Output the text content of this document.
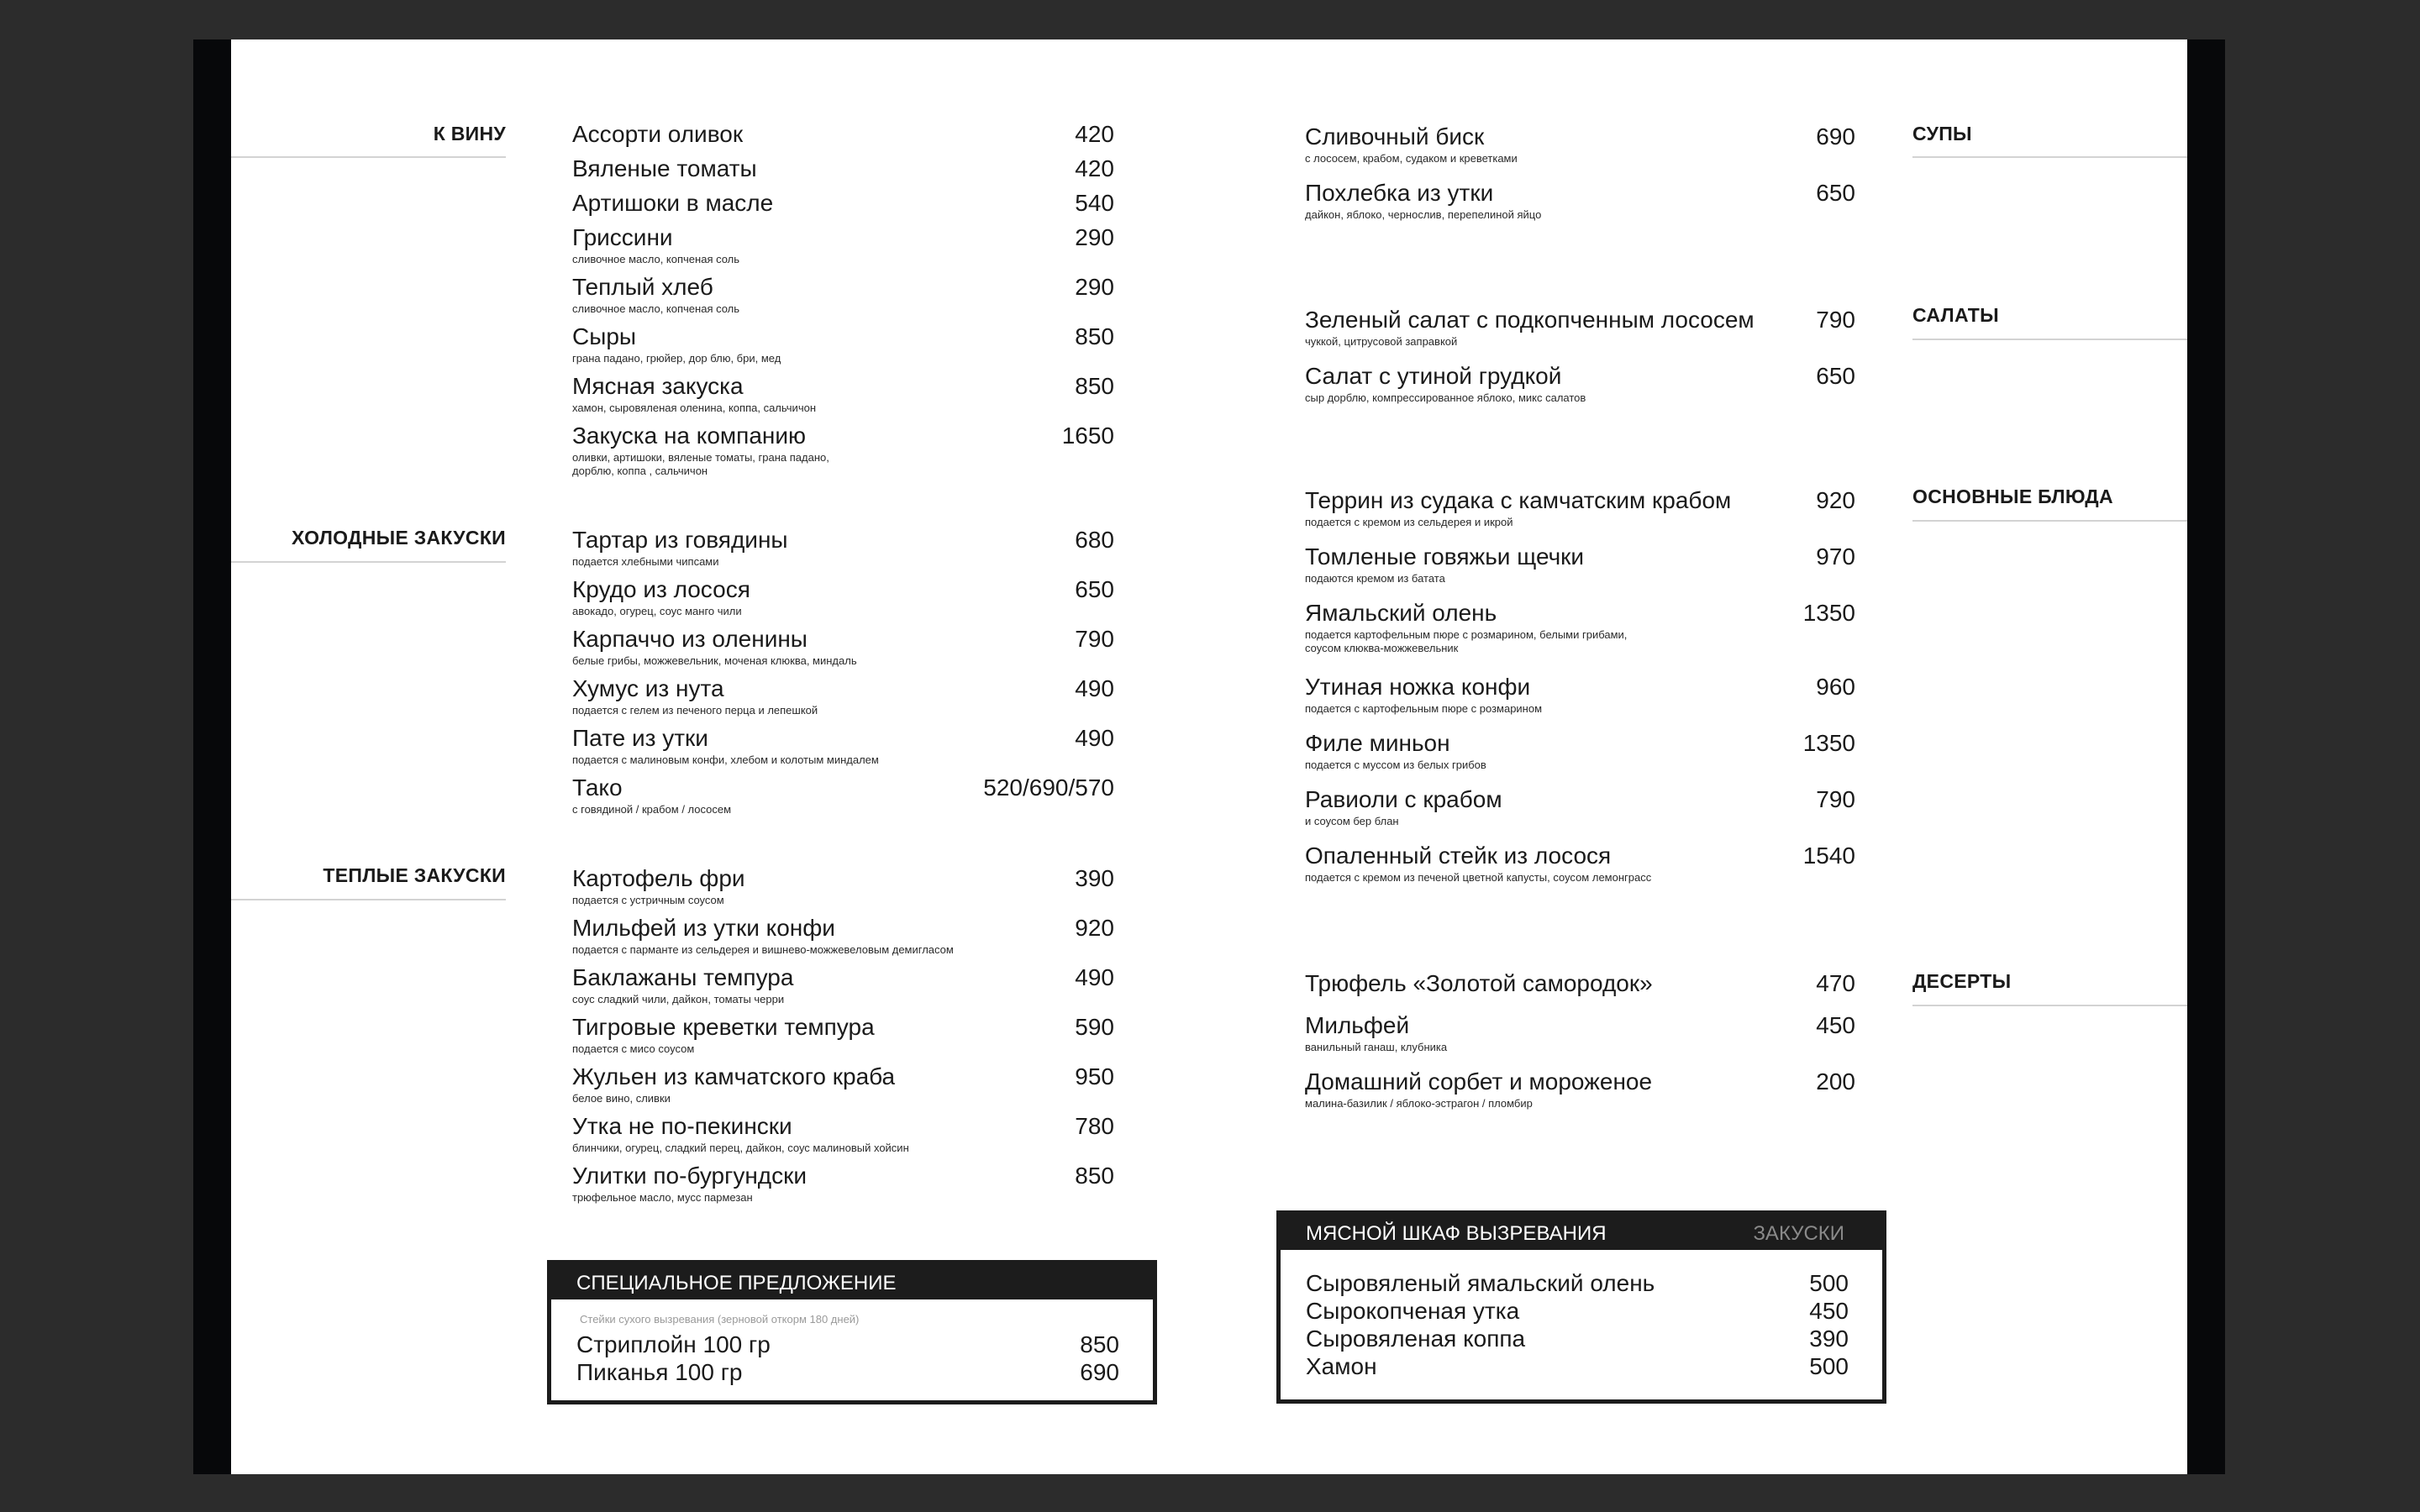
К ВИНУ	Ассорти оливок	420
Вяленые томаты	420
Артишоки в масле	540
Гриссини	290
сливочное масло, копченая соль
Теплый хлеб	290
сливочное масло, копченая соль
Сыры	850
грана падано, грюйер, дор блю, бри, мед
Мясная закуска	850
хамон, сыровяленая оленина, коппа, сальчичон
Закуска на компанию	1650
оливки, артишоки, вяленые томаты, грана падано,
дорблю, коппа , сальчичон
ХОЛОДНЫЕ ЗАКУСКИ	Тартар из говядины	680
подается хлебными чипсами
Крудо из лосося	650
авокадо, огурец, соус манго чили
Карпаччо из оленины	790
белые грибы, можжевельник, моченая клюква, миндаль
Хумус из нута	490
подается с гелем из печеного перца и лепешкой
Пате из утки	490
подается с малиновым конфи, хлебом и колотым миндалем
Тако	520/690/570
с говядиной / крабом / лососем
ТЕПЛЫЕ ЗАКУСКИ	Картофель фри	390
подается с устричным соусом
Мильфей из утки конфи	920
подается с парманте из сельдерея и вишнево-можжевеловым демигласом
Баклажаны темпура	490
соус сладкий чили, дайкон, томаты черри
Тигровые креветки темпура	590
подается с мисо соусом
Жульен из камчатского краба	950
белое вино, сливки
Утка не по-пекински	780
блинчики, огурец, сладкий перец, дайкон, соус малиновый хойсин
Улитки по-бургундски	850
трюфельное масло, мусс пармезан
СУПЫ
Сливочный биск	690
с лососем, крабом, судаком и креветками
Похлебка из утки	650
дайкон, яблоко, чернослив, перепелиной яйцо
САЛАТЫ
Зеленый салат с подкопченным лососем	790
чуккой, цитрусовой заправкой
Салат с утиной грудкой	650
сыр дорблю, компрессированное яблоко, микс салатов
ОСНОВНЫЕ БЛЮДА
Террин из судака с камчатским крабом	920
подается с кремом из сельдерея и икрой
Томленые говяжьи щечки	970
подаются кремом из батата
Ямальский олень	1350
подается картофельным пюре с розмарином, белыми грибами,
соусом клюква-можжевельник
Утиная ножка конфи	960
подается с картофельным пюре с розмарином
Филе миньон	1350
подается с муссом из белых грибов
Равиоли с крабом	790
и соусом бер блан
Опаленный стейк из лосося	1540
подается с кремом из печеной цветной капусты, соусом лемонграсс
ДЕСЕРТЫ
Трюфель «Золотой самородок»	470
Мильфей	450
ванильный ганаш, клубника
Домашний сорбет и мороженое	200
малина-базилик / яблоко-эстрагон / пломбир
СПЕЦИАЛЬНОЕ ПРЕДЛОЖЕНИЕ
Стейки сухого вызревания (зерновой откорм 180 дней)
Стриплойн 100 гр	850
Пиканья 100 гр	690
МЯСНОЙ ШКАФ ВЫЗРЕВАНИЯ	ЗАКУСКИ
Сыровяленый ямальский олень	500
Сырокопченая утка	450
Сыровяленая коппа	390
Хамон	500
